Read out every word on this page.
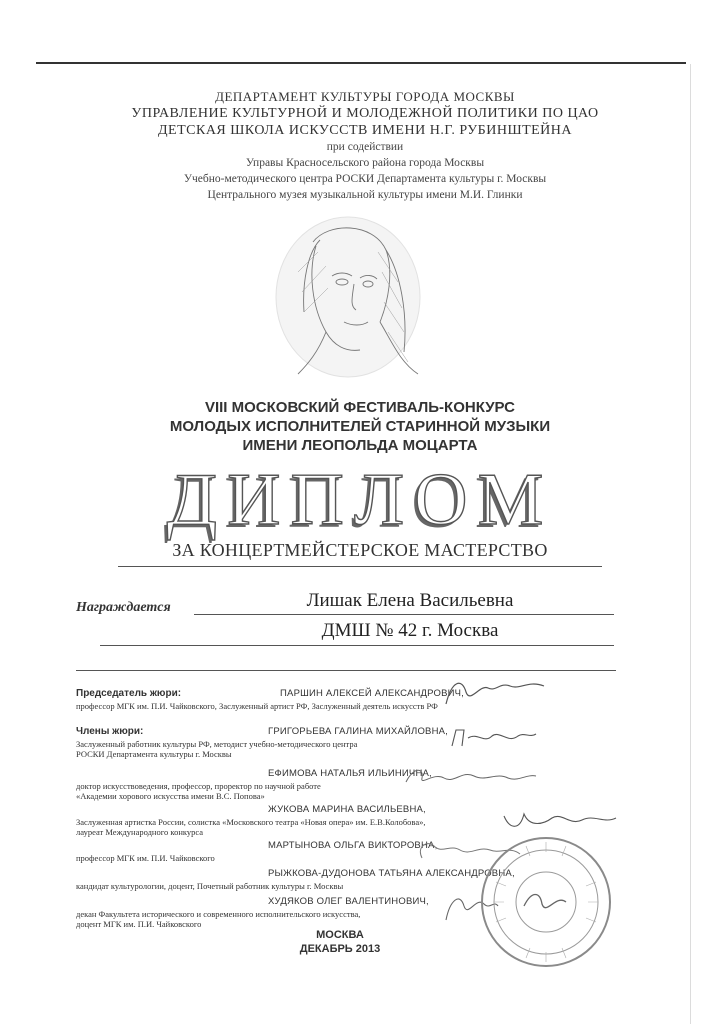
ДЕПАРТАМЕНТ КУЛЬТУРЫ ГОРОДА МОСКВЫ
УПРАВЛЕНИЕ КУЛЬТУРНОЙ И МОЛОДЕЖНОЙ ПОЛИТИКИ ПО ЦАО
ДЕТСКАЯ ШКОЛА ИСКУССТВ ИМЕНИ Н.Г. РУБИНШТЕЙНА
при содействии
Управы Красносельского района города Москвы
Учебно-методического центра РОСКИ Департамента культуры г. Москвы
Центрального музея музыкальной культуры имени М.И. Глинки
VIII МОСКОВСКИЙ ФЕСТИВАЛЬ-КОНКУРС
МОЛОДЫХ ИСПОЛНИТЕЛЕЙ СТАРИННОЙ МУЗЫКИ
ИМЕНИ ЛЕОПОЛЬДА МОЦАРТА
ДИПЛОМ
ЗА КОНЦЕРТМЕЙСТЕРСКОЕ МАСТЕРСТВО
Награждается	Лишак Елена Васильевна
ДМШ № 42 г. Москва
Председатель жюри:	ПАРШИН АЛЕКСЕЙ АЛЕКСАНДРОВИЧ,
профессор МГК им. П.И. Чайковского, Заслуженный артист РФ, Заслуженный деятель искусств РФ
Члены жюри:	ГРИГОРЬЕВА ГАЛИНА МИХАЙЛОВНА,
Заслуженный работник культуры РФ, методист учебно-методического центра
РОСКИ Департамента культуры г. Москвы
ЕФИМОВА НАТАЛЬЯ ИЛЬИНИЧНА,
доктор искусствоведения, профессор, проректор по научной работе
«Академии хорового искусства имени В.С. Попова»
ЖУКОВА МАРИНА ВАСИЛЬЕВНА,
Заслуженная артистка России, солистка «Московского театра «Новая опера» им. Е.В.Колобова»,
лауреат Международного конкурса
МАРТЫНОВА ОЛЬГА ВИКТОРОВНА,
профессор МГК им. П.И. Чайковского
РЫЖКОВА-ДУДОНОВА ТАТЬЯНА АЛЕКСАНДРОВНА,
кандидат культурологии, доцент, Почетный работник культуры г. Москвы
ХУДЯКОВ ОЛЕГ ВАЛЕНТИНОВИЧ,
декан Факультета исторического и современного исполнительского искусства,
доцент МГК им. П.И. Чайковского
МОСКВА
ДЕКАБРЬ 2013
